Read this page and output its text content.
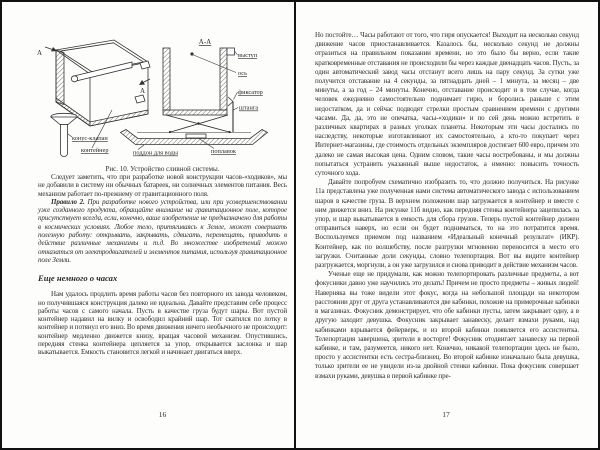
А
А
конус-клапан
контейнер
А-А
выступ
ось
фиксатор
штанга
поддон для воды	поплавок
Рис. 10. Устройство сливной системы.

Следует заметить, что при разработке новой конструкции часов-«ходиков», мы не добавили в систему ни обычных батареек, ни солнечных элементов питания. Весь механизм работает по-прежнему от гравитационного поля.

Правило 2. При разработке нового устройства, или при усовершенствовании уже созданного продукта, обращайте внимание на гравитационное поле, которое присутствует всегда, если, конечно, ваше изобретение не предназначено для работы в космических условиях. Любое тело, притягиваясь к Земле, может совершать полезную работу: открывать, закрывать, сдвигать, перемещать, приводить в действие различные механизмы и т.д. Во множестве изобретений можно отказаться от электродвигателей и элементов питания, используя гравитационное поле Земли.

Еще немного о часах

Нам удалось продлить время работы часов без повторного их завода человеком, но получившаяся конструкция далеко не идеальна. Давайте представим себе процесс работы часов с самого начала. Пусть в качестве груза будут шары. Вот пустой контейнер надавил на вилку и освободил крайний шар. Тот скатился по лотку в контейнер и потянул его вниз. Во время движения ничего необычного не происходит: контейнер медленно движется книзу, вращая часовой механизм. Опустившись, передняя стенка контейнера цепляется за упор, открывается заслонка и шар выкатывается. Емкость становится легкой и начинает двигаться вверх.

16

Но постойте… Часы работают от того, что гиря опускается! Выходит на несколько секунд движение часов приостанавливается. Казалось бы, несколько секунд не должны отразиться на правильном показании времени, но это было бы верно, если такие кратковременные отставания не происходили бы через каждые двенадцать часов. Пусть, за один автоматический завод часы отстанут всего лишь на пару секунд. За сутки уже получится отставание на 4 секунды, за пятнадцать дней – 1 минута, за месяц – две минуты, а за год – 24 минуты. Конечно, отставание происходит и в том случае, когда человек ежедневно самостоятельно поднимает гирю, и боролись раньше с этим недостатком, да и сейчас подводят стрелки простым сравнением времени с другими часами. Да, да, это не опечатка, часы-«ходики» и по сей день можно встретить в различных квартирах в разных уголках планеты. Некоторым эти часы достались по наследству, некоторые изготавливают их самостоятельно, а кто-то покупает через Интернет-магазины, где стоимость отдельных экземпляров достигает 600 евро, причем это далеко не самая высокая цена. Одним словом, такие часы востребованы, и мы должны попытаться устранить указанный выше недостаток, а именно: повысить точность суточного хода.

Давайте попробуем схематично изобразить то, что должно получиться. На рисунке 11а представлена уже полученная нами система автоматического завода с использованием шаров в качестве груза. В верхнем положении шар загружается в контейнер и вместе с ним движется вниз. На рисунке 11б видно, как передняя стенка контейнера зацепилась за упор, и шар выкатывается в емкость для сбора грузов. Теперь пустой контейнер должен отправиться наверх, но если он будет подниматься, то на это потратится время. Воспользуемся приемом под названием «Идеальный конечный результат» (ИКР). Контейнер, как по волшебству, после разгрузки мгновенно переносится в место его загрузки. Считанные доли секунды, словно телепортация. Вот вы видите контейнер разгружается, моргнули, а он уже загрузился и снова приводит в действие механизм часов.

Ученые еще не придумали, как можно телепортировать различные предметы, а вот фокусники давно уже научились это делать! Причем не просто предметы – живых людей! Наверняка вы тоже видели этот фокус, когда на небольшой площади на некотором расстоянии друг от друга устанавливаются две кабинки, похожие на примерочные кабинки в магазинах. Фокусник демонстрирует, что обе кабинки пусты, затем закрывает одну, а в другую заходит девушка. Фокусник закрывает занавеску, делает взмахи руками, над кабинками взрывается фейерверк, и из второй кабинки появляется его ассистентка. Телепортация завершена, зрители в восторге! Фокусник отодвигает занавеску на первой кабинке, и там, разумеется, никого нет. Конечно, никакой телепортации здесь не было, просто у ассистентки есть сестра-близнец. Во второй кабинке изначально была девушка, только зрители ее не увидели из-за двойной стенки кабинки. Пока фокусник совершает взмахи руками, девушка в первой кабинке пре-

17
